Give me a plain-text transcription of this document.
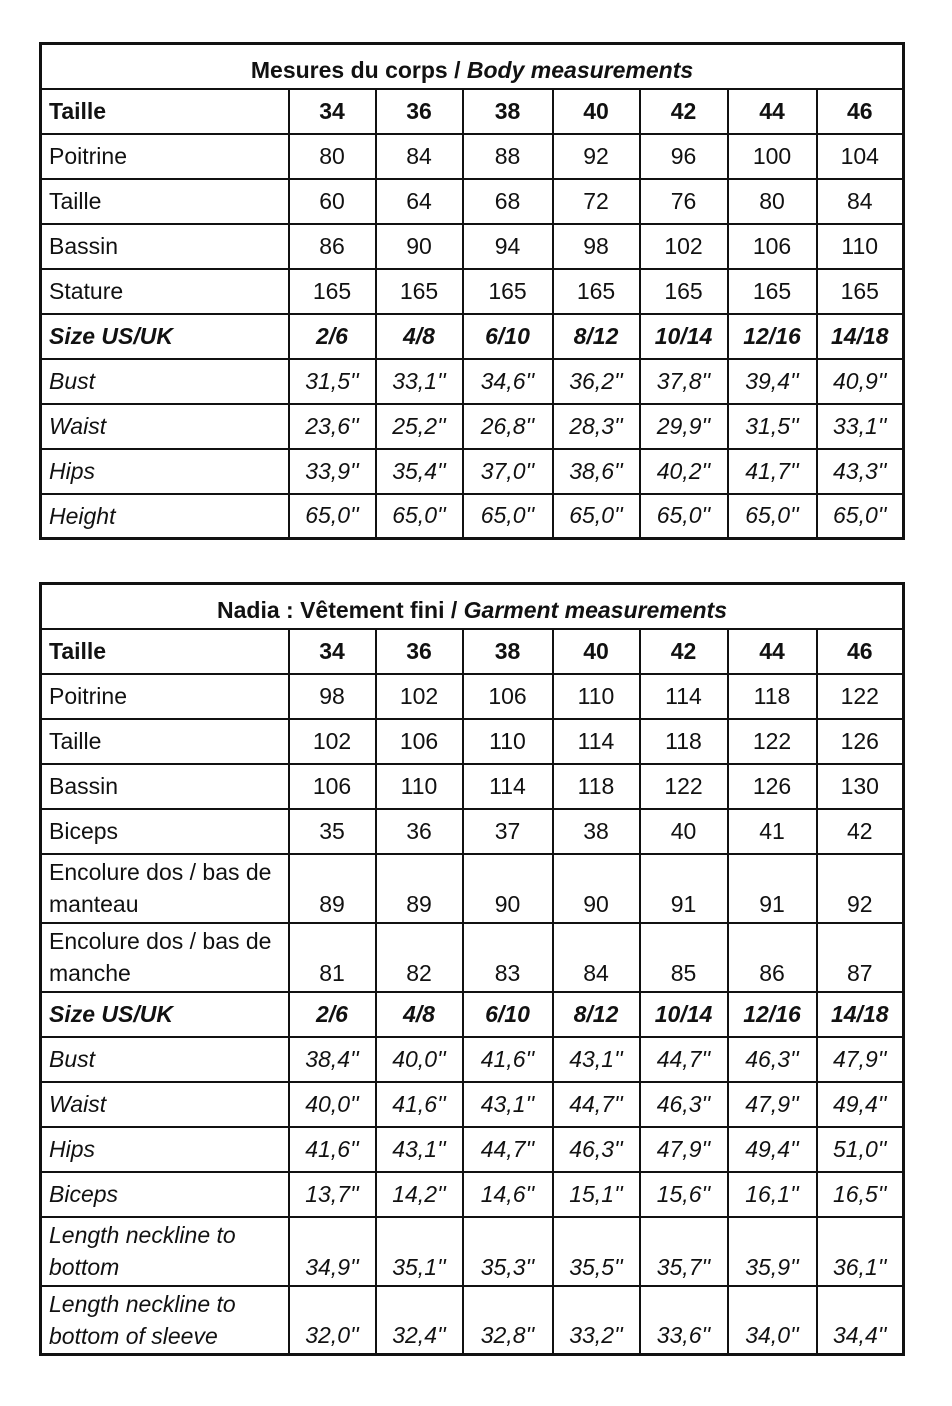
Mesures du corps / Body measurements							
Taille	34	36	38	40	42	44	46
Poitrine	80	84	88	92	96	100	104
Taille	60	64	68	72	76	80	84
Bassin	86	90	94	98	102	106	110
Stature	165	165	165	165	165	165	165
Size US/UK	2/6	4/8	6/10	8/12	10/14	12/16	14/18
Bust	31,5''	33,1''	34,6''	36,2''	37,8''	39,4''	40,9''
Waist	23,6''	25,2''	26,8''	28,3''	29,9''	31,5''	33,1''
Hips	33,9''	35,4''	37,0''	38,6''	40,2''	41,7''	43,3''
Height	65,0''	65,0''	65,0''	65,0''	65,0''	65,0''	65,0''
Nadia : Vêtement fini / Garment measurements							
Taille	34	36	38	40	42	44	46
Poitrine	98	102	106	110	114	118	122
Taille	102	106	110	114	118	122	126
Bassin	106	110	114	118	122	126	130
Biceps	35	36	37	38	40	41	42
Encolure dos / bas de manteau	89	89	90	90	91	91	92
Encolure dos / bas de manche	81	82	83	84	85	86	87
Size US/UK	2/6	4/8	6/10	8/12	10/14	12/16	14/18
Bust	38,4''	40,0''	41,6''	43,1''	44,7''	46,3''	47,9''
Waist	40,0''	41,6''	43,1''	44,7''	46,3''	47,9''	49,4''
Hips	41,6''	43,1''	44,7''	46,3''	47,9''	49,4''	51,0''
Biceps	13,7''	14,2''	14,6''	15,1''	15,6''	16,1''	16,5''
Length neckline to bottom	34,9''	35,1''	35,3''	35,5''	35,7''	35,9''	36,1''
Length neckline to bottom of sleeve	32,0''	32,4''	32,8''	33,2''	33,6''	34,0''	34,4''
